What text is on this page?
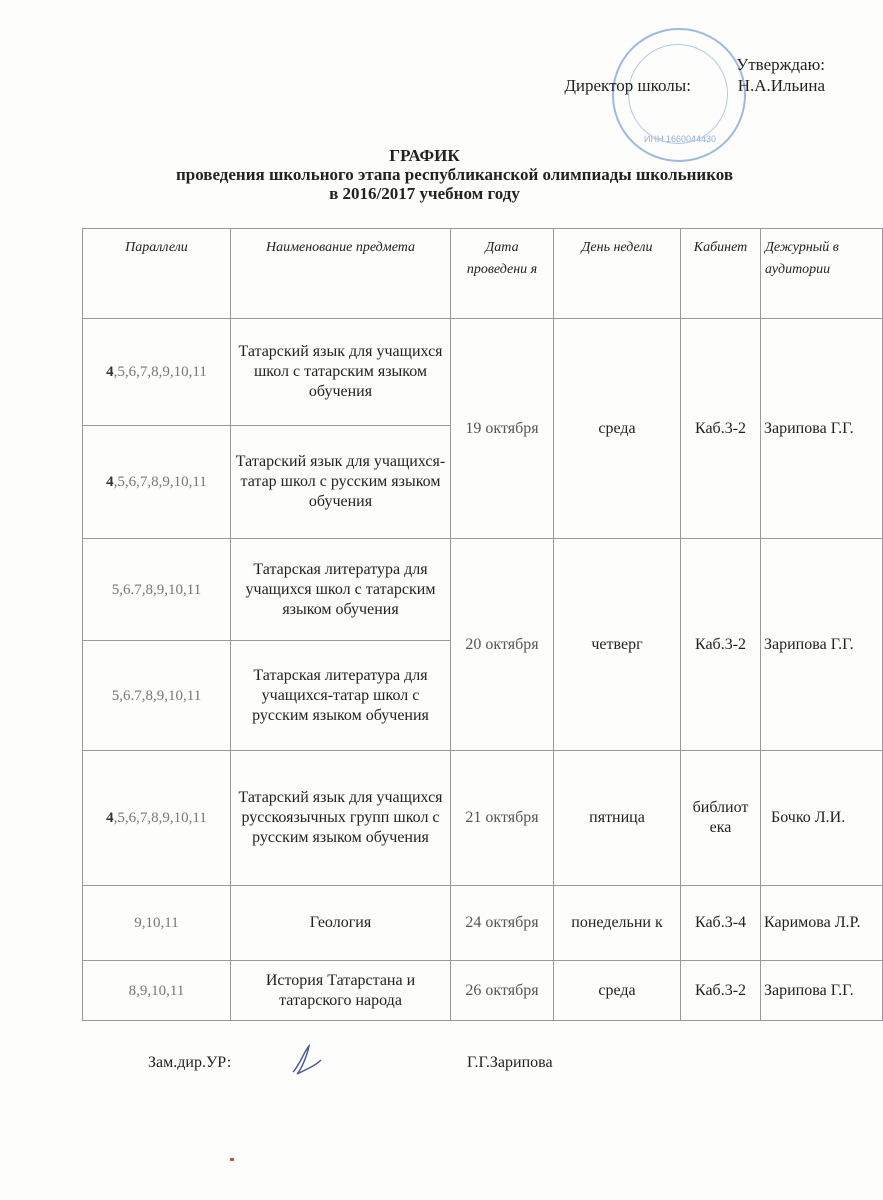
ИНН 1660044430
Утверждаю:
Директор школы:	Н.А.Ильина
ГРАФИК
проведения школьного этапа республиканской олимпиады школьников
в 2016/2017 учебном году
Параллели	Наименование предмета	Дата проведени я	День недели	Кабинет	Дежурный в аудитории
4,5,6,7,8,9,10,11	Татарский язык для учащихся школ с татарским языком обучения	19 октября	среда	Каб.3-2	Зарипова Г.Г.
4,5,6,7,8,9,10,11	Татарский язык для учащихся-татар школ с русским языком обучения				
5,6.7,8,9,10,11	Татарская литература для учащихся школ с татарским языком обучения	20 октября	четверг	Каб.3-2	Зарипова Г.Г.
5,6.7,8,9,10,11	Татарская литература для учащихся-татар школ с русским языком обучения				
4,5,6,7,8,9,10,11	Татарский язык для учащихся русскоязычных групп школ с русским языком обучения	21 октября	пятница	библиот ека	Бочко Л.И.
9,10,11	Геология	24 октября	понедельни к	Каб.3-4	Каримова Л.Р.
8,9,10,11	История Татарстана и татарского народа	26 октября	среда	Каб.3-2	Зарипова Г.Г.
Зам.дир.УР:	Г.Г.Зарипова
